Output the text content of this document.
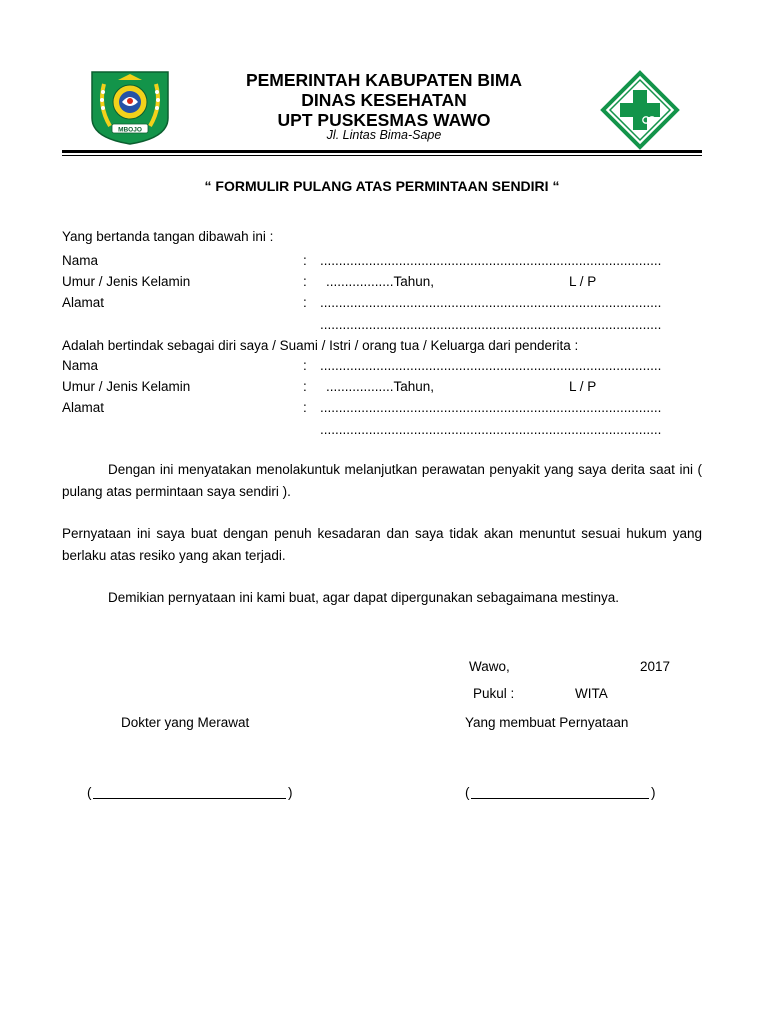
MBOJO
PEMERINTAH KABUPATEN BIMA
DINAS KESEHATAN
UPT PUSKESMAS WAWO
Jl. Lintas Bima-Sape
“ FORMULIR PULANG ATAS PERMINTAAN SENDIRI “
Yang bertanda tangan dibawah ini :
Nama	: ...........................................................................................
Umur / Jenis Kelamin	: ..................Tahun,	L / P
Alamat	: ...........................................................................................
...........................................................................................
Adalah bertindak sebagai diri saya / Suami / Istri / orang tua / Keluarga dari penderita :
Nama	: ...........................................................................................
Umur / Jenis Kelamin	: ..................Tahun,	L / P
Alamat	: ...........................................................................................
...........................................................................................
Dengan ini menyatakan menolakuntuk melanjutkan perawatan penyakit yang saya derita saat ini ( pulang atas permintaan saya sendiri ).
Pernyataan ini saya buat dengan penuh kesadaran dan saya tidak akan menuntut sesuai hukum yang berlaku atas resiko yang akan terjadi.
Demikian pernyataan ini kami buat, agar dapat dipergunakan sebagaimana mestinya.
Wawo,	2017
Pukul :	WITA
Dokter yang Merawat	Yang membuat Pernyataan
(	)	(	)
